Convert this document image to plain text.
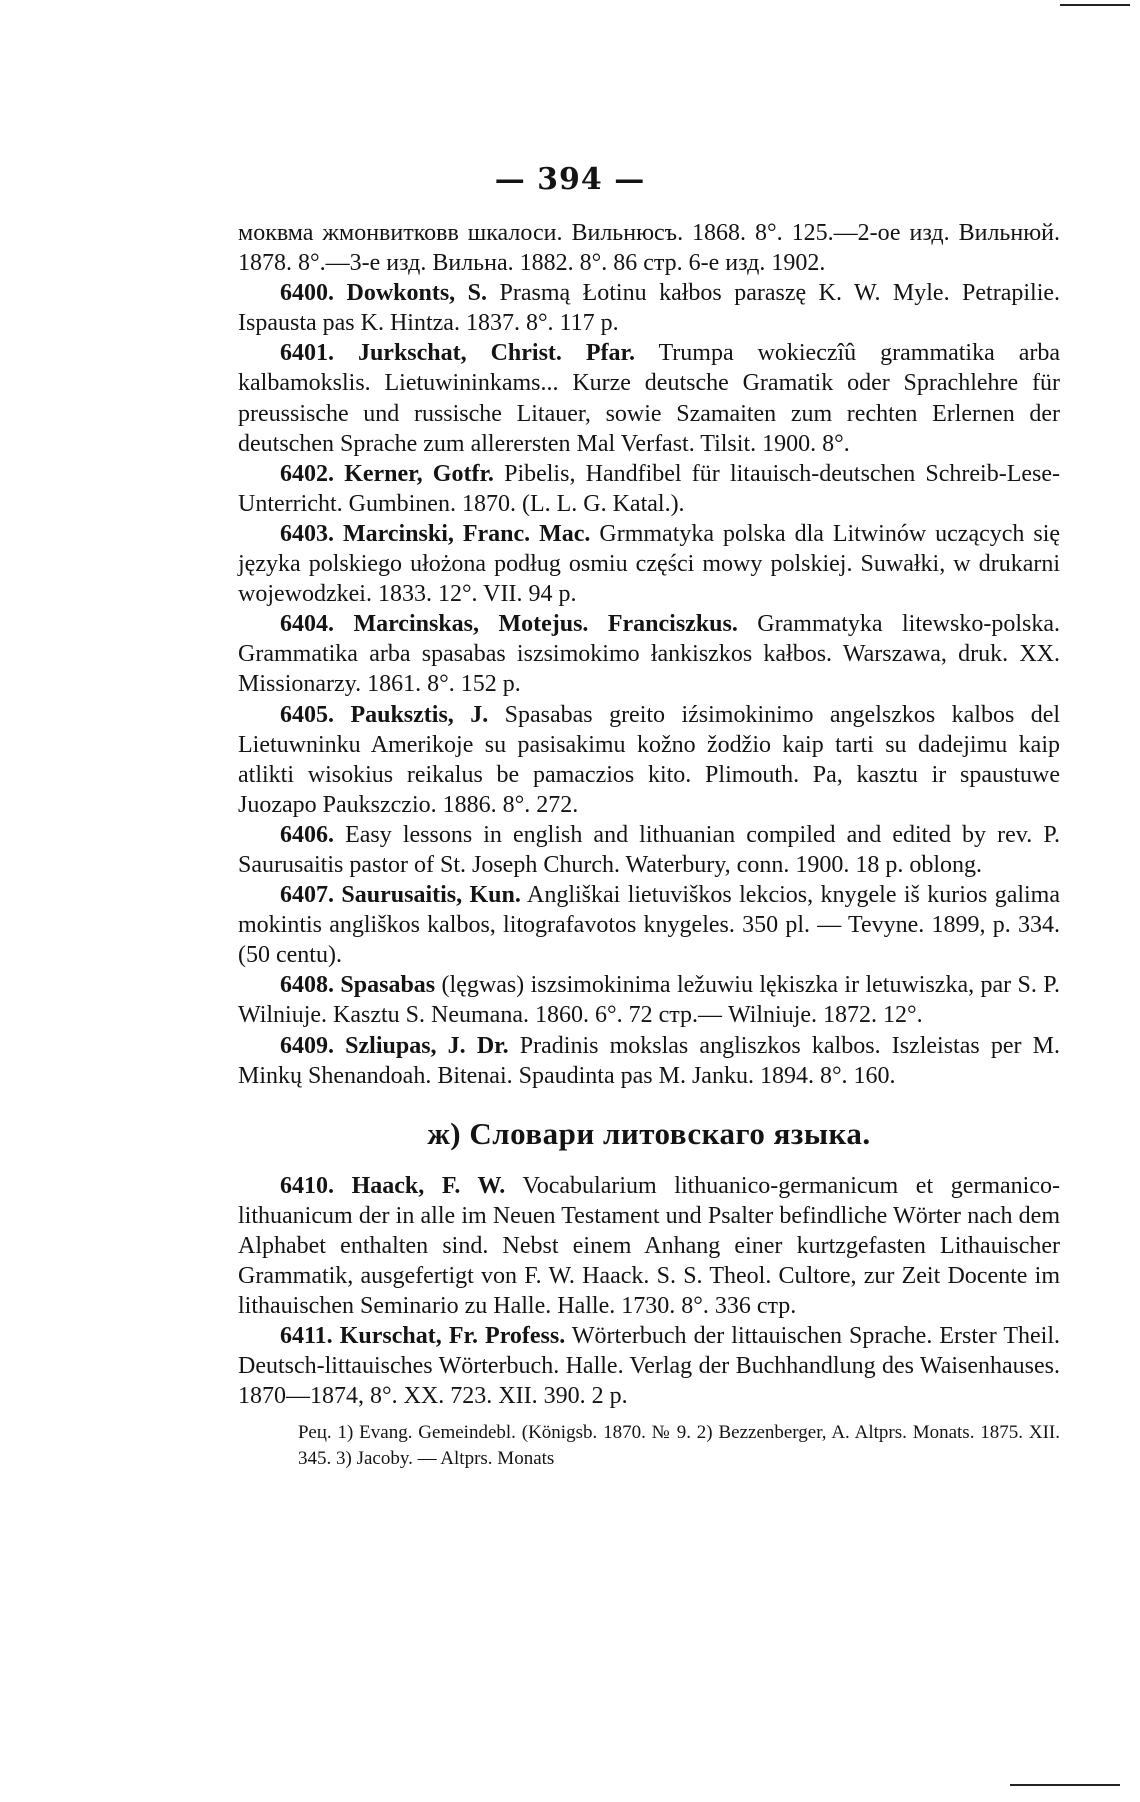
— 394 —

моквма жмонвитковв шкалоси. Вильнюсъ. 1868. 8°. 125.—2-ое изд. Вильнюй. 1878. 8°.—3-е изд. Вильна. 1882. 8°. 86 стр. 6-е изд. 1902.

6400. Dowkonts, S. Prasmą Łotinu kałbos paraszę K. W. Myle. Petrapilie. Ispausta pas K. Hintza. 1837. 8°. 117 p.

6401. Jurkschat, Christ. Pfar. Trumpa wokieczîû grammatika arba kalbamokslis. Lietuwininkams... Kurze deutsche Gramatik oder Sprachlehre für preussische und russische Litauer, sowie Szamaiten zum rechten Erlernen der deutschen Sprache zum allerersten Mal Verfast. Tilsit. 1900. 8°.

6402. Kerner, Gotfr. Pibelis, Handfibel für litauisch-deutschen Schreib-Lese-Unterricht. Gumbinen. 1870. (L. L. G. Katal.).

6403. Marcinski, Franc. Mac. Grmmatyka polska dla Litwinów uczących się języka polskiego ułożona podług osmiu części mowy polskiej. Suwałki, w drukarni wojewodzkei. 1833. 12°. VII. 94 p.

6404. Marcinskas, Motejus. Franciszkus. Grammatyka litewsko-polska. Grammatika arba spasabas iszsimokimo łankiszkos kałbos. Warszawa, druk. XX. Missionarzy. 1861. 8°. 152 p.

6405. Pauksztis, J. Spasabas greito iźsimokinimo angelszkos kalbos del Lietuwninku Amerikoje su pasisakimu kožno žodžio kaip tarti su dadejimu kaip atlikti wisokius reikalus be pamaczios kito. Plimouth. Pa, kasztu ir spaustuwe Juozapo Paukszczio. 1886. 8°. 272.

6406. Easy lessons in english and lithuanian compiled and edited by rev. P. Saurusaitis pastor of St. Joseph Church. Waterbury, conn. 1900. 18 p. oblong.

6407. Saurusaitis, Kun. Angliškai lietuviškos lekcios, knygele iš kurios galima mokintis angliškos kalbos, litografavotos knygeles. 350 pl. — Tevyne. 1899, p. 334. (50 centu).

6408. Spasabas (lęgwas) iszsimokinima ležuwiu lękiszka ir letuwiszka, par S. P. Wilniuje. Kasztu S. Neumana. 1860. 6°. 72 стр.— Wilniuje. 1872. 12°.

6409. Szliupas, J. Dr. Pradinis mokslas angliszkos kalbos. Iszleistas per M. Minkų Shenandoah. Bitenai. Spaudinta pas M. Janku. 1894. 8°. 160.

ж) Словари литовскаго языка.

6410. Haack, F. W. Vocabularium lithuanico-germanicum et germanico-lithuanicum der in alle im Neuen Testament und Psalter befindliche Wörter nach dem Alphabet enthalten sind. Nebst einem Anhang einer kurtzgefasten Lithauischer Grammatik, ausgefertigt von F. W. Haack. S. S. Theol. Cultore, zur Zeit Docente im lithauischen Seminario zu Halle. Halle. 1730. 8°. 336 стр.

6411. Kurschat, Fr. Profess. Wörterbuch der littauischen Sprache. Erster Theil. Deutsch-littauisches Wörterbuch. Halle. Verlag der Buchhandlung des Waisenhauses. 1870—1874, 8°. XX. 723. XII. 390. 2 p.

Рец. 1) Evang. Gemeindebl. (Königsb. 1870. № 9. 2) Bezzenberger, A. Altprs. Monats. 1875. XII. 345. 3) Jacoby. — Altprs. Monats
